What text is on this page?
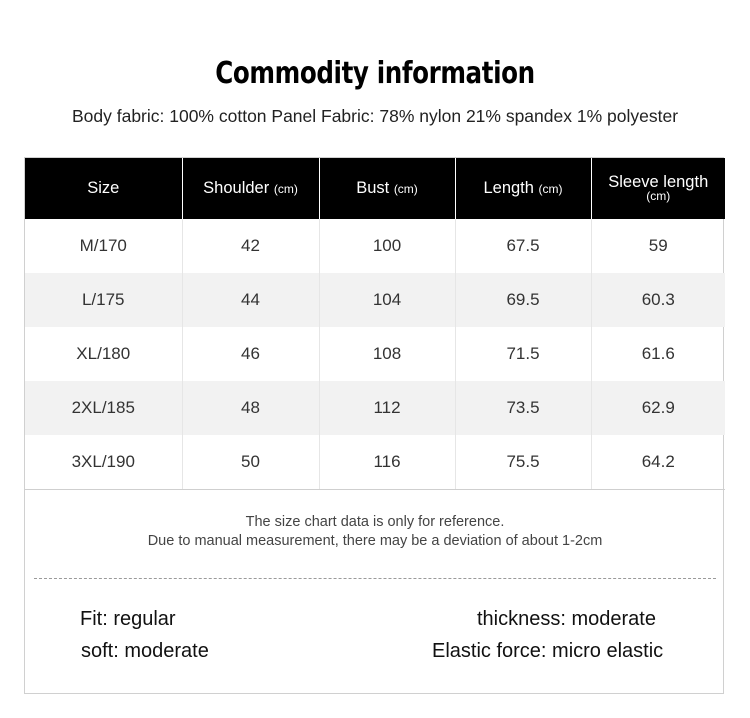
Commodity information
Body fabric: 100% cotton Panel Fabric: 78% nylon 21% spandex 1% polyester
Size	Shoulder (cm)	Bust (cm)	Length (cm)	Sleeve length
(cm)

M/170	42	100	67.5	59
L/175	44	104	69.5	60.3
XL/180	46	108	71.5	61.6
2XL/185	48	112	73.5	62.9
3XL/190	50	116	75.5	64.2
The size chart data is only for reference.
Due to manual measurement, there may be a deviation of about 1-2cm
Fit: regular	thickness: moderate
soft: moderate	Elastic force: micro elastic
